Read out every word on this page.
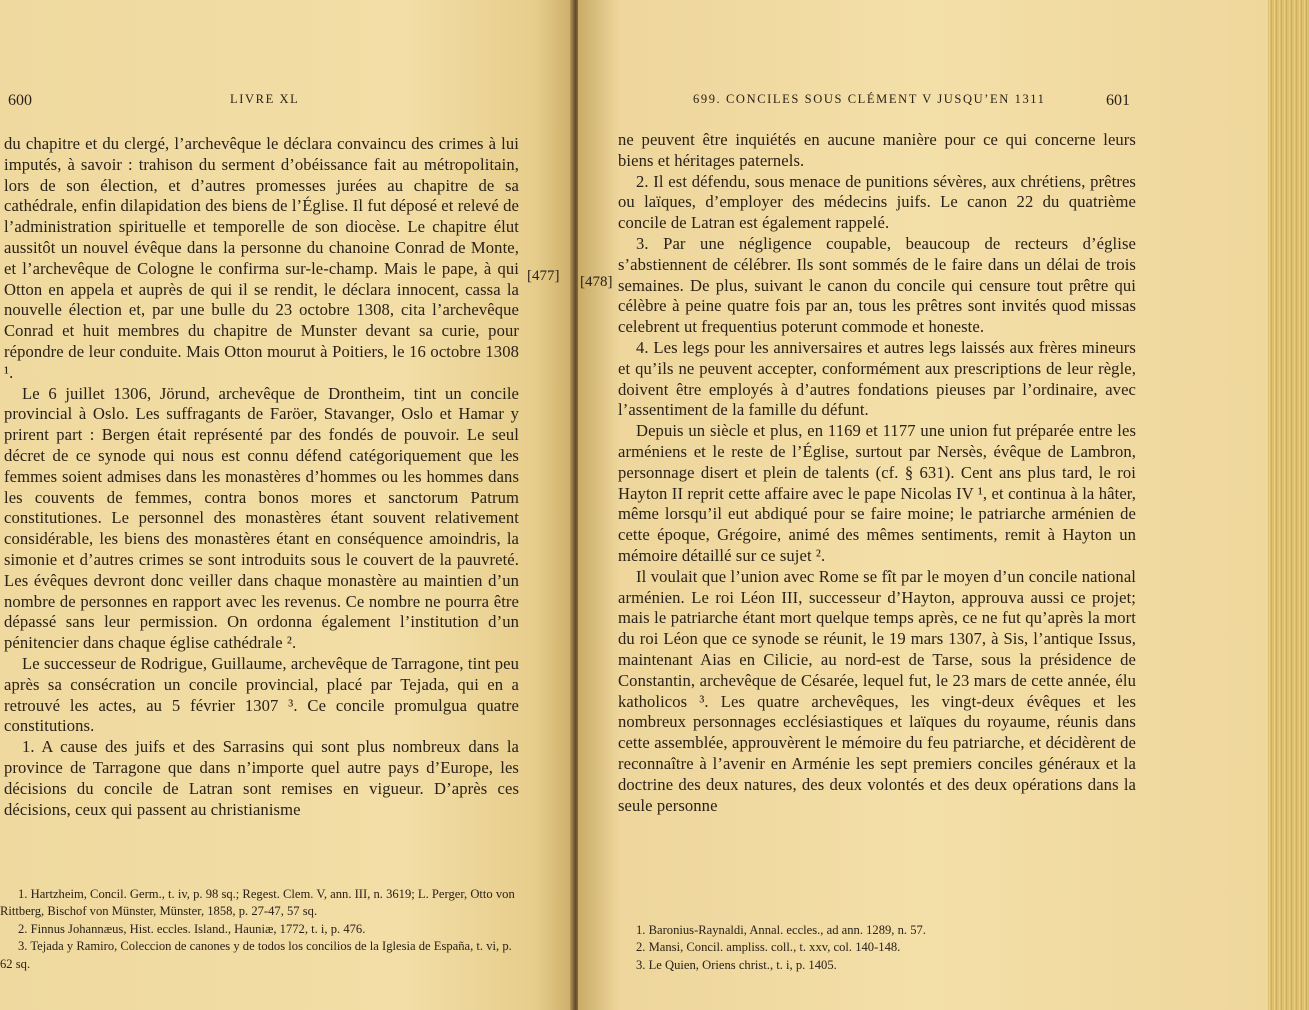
600	LIVRE XL

du chapitre et du clergé, l’archevêque le déclara convaincu des crimes à lui imputés, à savoir : trahison du serment d’obéissance fait au métropolitain, lors de son élection, et d’autres promesses jurées au chapitre de sa cathédrale, enfin dilapidation des biens de l’Église. Il fut déposé et relevé de l’administration spirituelle et temporelle de son diocèse. Le chapitre élut aussitôt un nouvel évêque dans la personne du chanoine Conrad de Monte, et l’archevêque de Cologne le confirma sur-le-champ. Mais le pape, à qui Otton en appela et auprès de qui il se rendit, le déclara innocent, cassa la nouvelle élection et, par une bulle du 23 octobre 1308, cita l’archevêque Conrad et huit membres du chapitre de Munster devant sa curie, pour répondre de leur conduite. Mais Otton mourut à Poitiers, le 16 octobre 1308 ¹.

Le 6 juillet 1306, Jörund, archevêque de Drontheim, tint un concile provincial à Oslo. Les suffragants de Faröer, Stavanger, Oslo et Hamar y prirent part : Bergen était représenté par des fondés de pouvoir. Le seul décret de ce synode qui nous est connu défend catégoriquement que les femmes soient admises dans les monastères d’hommes ou les hommes dans les couvents de femmes, contra bonos mores et sanctorum Patrum constitutiones. Le personnel des monastères étant souvent relativement considérable, les biens des monastères étant en conséquence amoindris, la simonie et d’autres crimes se sont introduits sous le couvert de la pauvreté. Les évêques devront donc veiller dans chaque monastère au maintien d’un nombre de personnes en rapport avec les revenus. Ce nombre ne pourra être dépassé sans leur permission. On ordonna également l’institution d’un pénitencier dans chaque église cathédrale ².

Le successeur de Rodrigue, Guillaume, archevêque de Tarragone, tint peu après sa consécration un concile provincial, placé par Tejada, qui en a retrouvé les actes, au 5 février 1307 ³. Ce concile promulgua quatre constitutions.

1. A cause des juifs et des Sarrasins qui sont plus nombreux dans la province de Tarragone que dans n’importe quel autre pays d’Europe, les décisions du concile de Latran sont remises en vigueur. D’après ces décisions, ceux qui passent au christianisme

1. Hartzheim, Concil. Germ., t. iv, p. 98 sq.; Regest. Clem. V, ann. III, n. 3619; L. Perger, Otto von Rittberg, Bischof von Münster, Münster, 1858, p. 27-47, 57 sq.

2. Finnus Johannæus, Hist. eccles. Island., Hauniæ, 1772, t. i, p. 476.

3. Tejada y Ramiro, Coleccion de canones y de todos los concilios de la Iglesia de España, t. vi, p. 62 sq.

699. CONCILES SOUS CLÉMENT V JUSQU’EN 1311	601

ne peuvent être inquiétés en aucune manière pour ce qui concerne leurs biens et héritages paternels.

2. Il est défendu, sous menace de punitions sévères, aux chrétiens, prêtres ou laïques, d’employer des médecins juifs. Le canon 22 du quatrième concile de Latran est également rappelé.

3. Par une négligence coupable, beaucoup de recteurs d’église s’abstiennent de célébrer. Ils sont sommés de le faire dans un délai de trois semaines. De plus, suivant le canon du concile qui censure tout prêtre qui célèbre à peine quatre fois par an, tous les prêtres sont invités quod missas celebrent ut frequentius poterunt commode et honeste.

4. Les legs pour les anniversaires et autres legs laissés aux frères mineurs et qu’ils ne peuvent accepter, conformément aux prescriptions de leur règle, doivent être employés à d’autres fondations pieuses par l’ordinaire, avec l’assentiment de la famille du défunt.

Depuis un siècle et plus, en 1169 et 1177 une union fut préparée entre les arméniens et le reste de l’Église, surtout par Nersès, évêque de Lambron, personnage disert et plein de talents (cf. § 631). Cent ans plus tard, le roi Hayton II reprit cette affaire avec le pape Nicolas IV ¹, et continua à la hâter, même lorsqu’il eut abdiqué pour se faire moine; le patriarche arménien de cette époque, Grégoire, animé des mêmes sentiments, remit à Hayton un mémoire détaillé sur ce sujet ².

Il voulait que l’union avec Rome se fît par le moyen d’un concile national arménien. Le roi Léon III, successeur d’Hayton, approuva aussi ce projet; mais le patriarche étant mort quelque temps après, ce ne fut qu’après la mort du roi Léon que ce synode se réunit, le 19 mars 1307, à Sis, l’antique Issus, maintenant Aias en Cilicie, au nord-est de Tarse, sous la présidence de Constantin, archevêque de Césarée, lequel fut, le 23 mars de cette année, élu katholicos ³. Les quatre archevêques, les vingt-deux évêques et les nombreux personnages ecclésiastiques et laïques du royaume, réunis dans cette assemblée, approuvèrent le mémoire du feu patriarche, et décidèrent de reconnaître à l’avenir en Arménie les sept premiers conciles généraux et la doctrine des deux natures, des deux volontés et des deux opérations dans la seule personne

1. Baronius-Raynaldi, Annal. eccles., ad ann. 1289, n. 57.

2. Mansi, Concil. ampliss. coll., t. xxv, col. 140-148.

3. Le Quien, Oriens christ., t. i, p. 1405.

[477] [478]
